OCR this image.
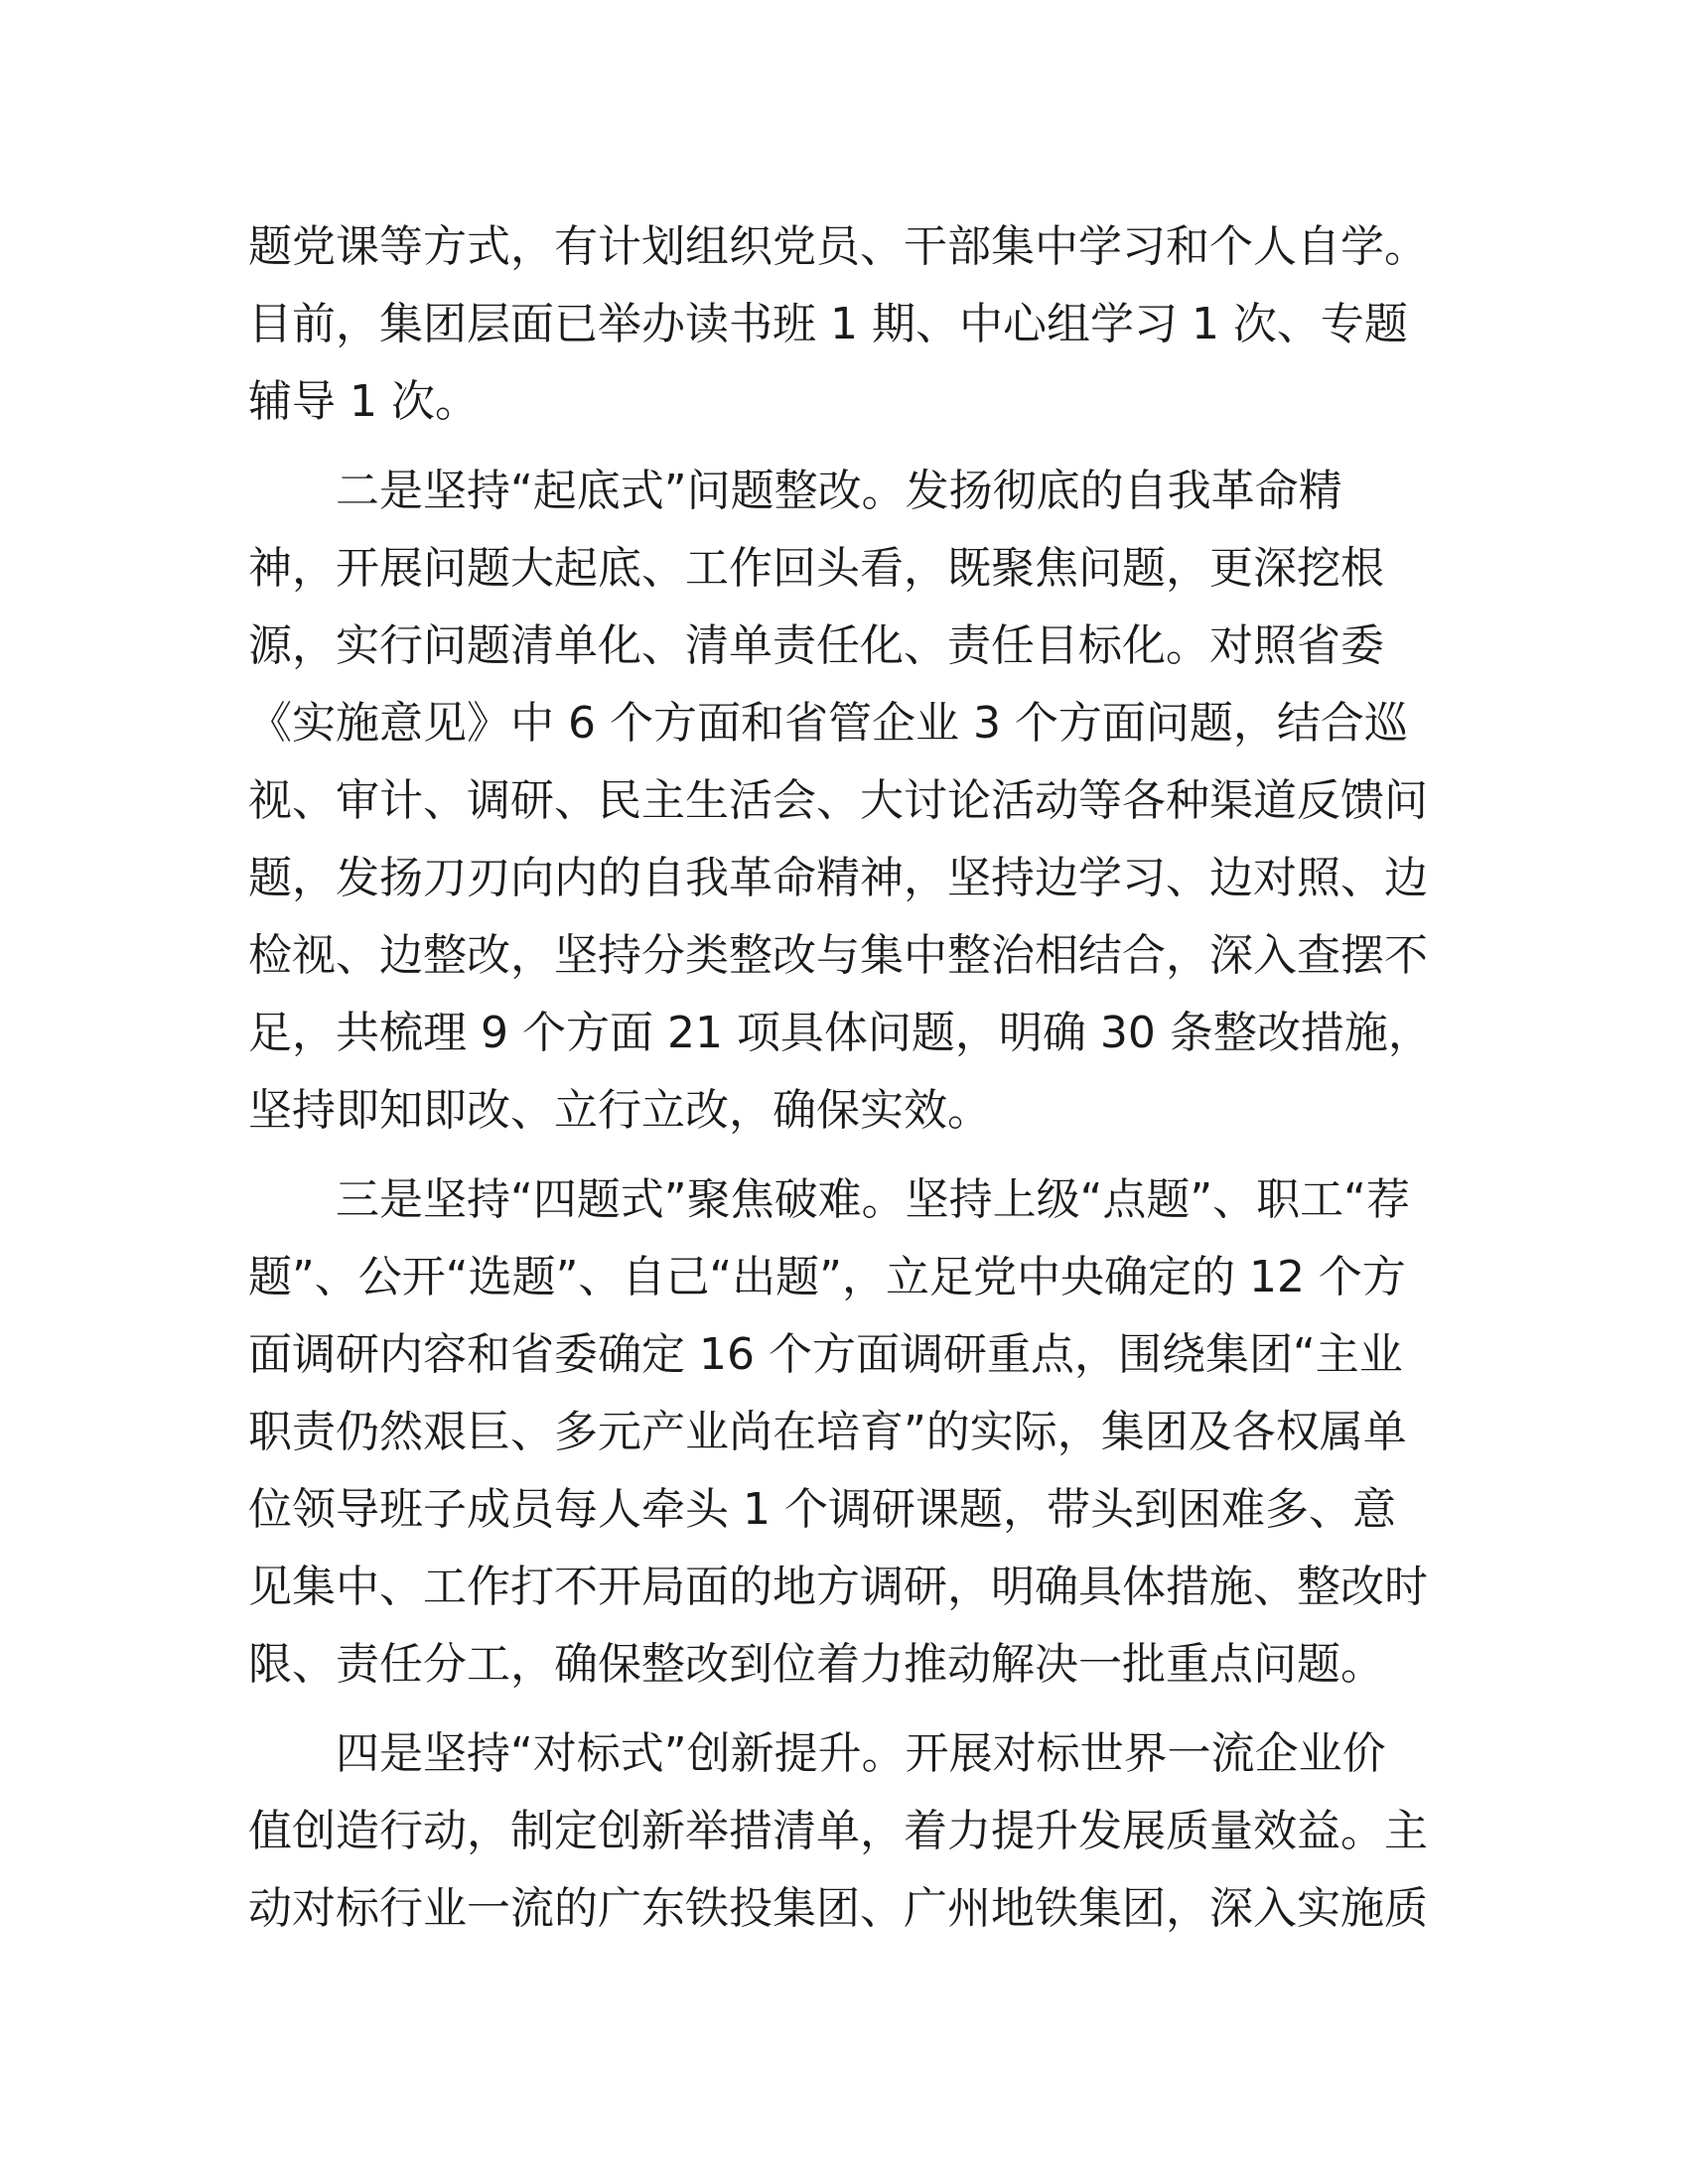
题党课等方式，有计划组织党员、干部集中学习和个人自学。
目前，集团层面已举办读书班 1 期、中心组学习 1 次、专题
辅导 1 次。
二是坚持“起底式”问题整改。发扬彻底的自我革命精
神，开展问题大起底、工作回头看，既聚焦问题，更深挖根
源，实行问题清单化、清单责任化、责任目标化。对照省委
《实施意见》中 6 个方面和省管企业 3 个方面问题，结合巡
视、审计、调研、民主生活会、大讨论活动等各种渠道反馈问
题，发扬刀刃向内的自我革命精神，坚持边学习、边对照、边
检视、边整改，坚持分类整改与集中整治相结合，深入查摆不
足，共梳理 9 个方面 21 项具体问题，明确 30 条整改措施，
坚持即知即改、立行立改，确保实效。
三是坚持“四题式”聚焦破难。坚持上级“点题”、职工“荐
题”、公开“选题”、自己“出题”，立足党中央确定的 12 个方
面调研内容和省委确定 16 个方面调研重点，围绕集团“主业
职责仍然艰巨、多元产业尚在培育”的实际，集团及各权属单
位领导班子成员每人牵头 1 个调研课题，带头到困难多、意
见集中、工作打不开局面的地方调研，明确具体措施、整改时
限、责任分工，确保整改到位着力推动解决一批重点问题。
四是坚持“对标式”创新提升。开展对标世界一流企业价
值创造行动，制定创新举措清单，着力提升发展质量效益。主
动对标行业一流的广东铁投集团、广州地铁集团，深入实施质
